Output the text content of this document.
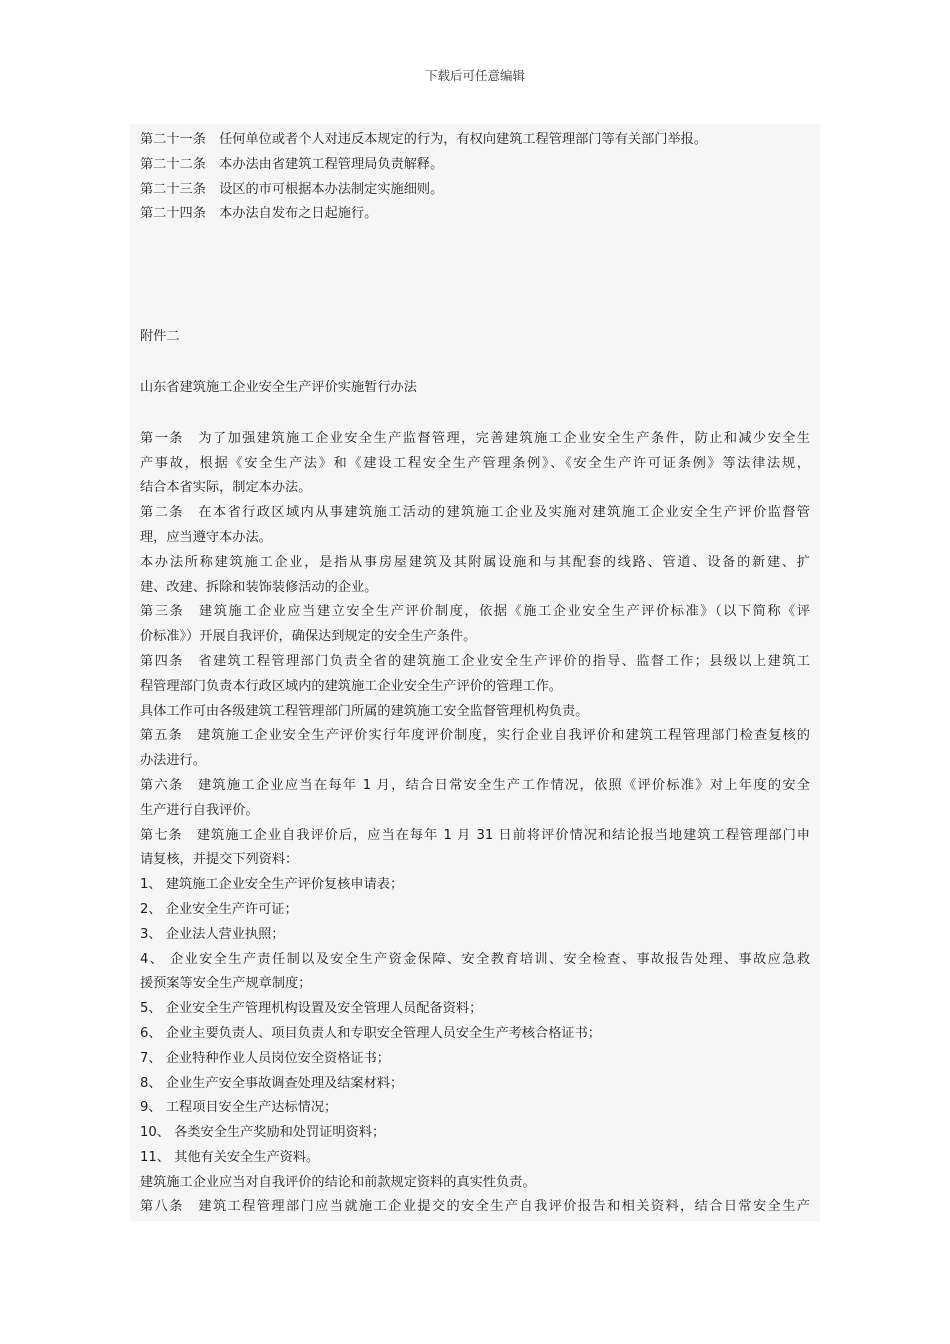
下载后可任意编辑
第二十一条　任何单位或者个人对违反本规定的行为，有权向建筑工程管理部门等有关部门举报。
第二十二条　本办法由省建筑工程管理局负责解释。
第二十三条　设区的市可根据本办法制定实施细则。
第二十四条　本办法自发布之日起施行。
附件二
山东省建筑施工企业安全生产评价实施暂行办法
第一条　为了加强建筑施工企业安全生产监督管理，完善建筑施工企业安全生产条件，防止和减少安全生
产事故，根据《安全生产法》和《建设工程安全生产管理条例》、《安全生产许可证条例》等法律法规，
结合本省实际，制定本办法。
第二条　在本省行政区域内从事建筑施工活动的建筑施工企业及实施对建筑施工企业安全生产评价监督管
理，应当遵守本办法。
本办法所称建筑施工企业，是指从事房屋建筑及其附属设施和与其配套的线路、管道、设备的新建、扩
建、改建、拆除和装饰装修活动的企业。
第三条　建筑施工企业应当建立安全生产评价制度，依据《施工企业安全生产评价标准》（以下简称《评
价标准》）开展自我评价，确保达到规定的安全生产条件。
第四条　省建筑工程管理部门负责全省的建筑施工企业安全生产评价的指导、监督工作；县级以上建筑工
程管理部门负责本行政区域内的建筑施工企业安全生产评价的管理工作。
具体工作可由各级建筑工程管理部门所属的建筑施工安全监督管理机构负责。
第五条　建筑施工企业安全生产评价实行年度评价制度，实行企业自我评价和建筑工程管理部门检查复核的
办法进行。
第六条　建筑施工企业应当在每年 1 月，结合日常安全生产工作情况，依照《评价标准》对上年度的安全
生产进行自我评价。
第七条　建筑施工企业自我评价后，应当在每年 1 月 31 日前将评价情况和结论报当地建筑工程管理部门申
请复核，并提交下列资料：
1、 建筑施工企业安全生产评价复核申请表；
2、 企业安全生产许可证；
3、 企业法人营业执照；
4、 企业安全生产责任制以及安全生产资金保障、安全教育培训、安全检查、事故报告处理、事故应急救
援预案等安全生产规章制度；
5、 企业安全生产管理机构设置及安全管理人员配备资料；
6、 企业主要负责人、项目负责人和专职安全管理人员安全生产考核合格证书；
7、 企业特种作业人员岗位安全资格证书；
8、 企业生产安全事故调查处理及结案材料；
9、 工程项目安全生产达标情况；
10、 各类安全生产奖励和处罚证明资料；
11、 其他有关安全生产资料。
建筑施工企业应当对自我评价的结论和前款规定资料的真实性负责。
第八条　建筑工程管理部门应当就施工企业提交的安全生产自我评价报告和相关资料，结合日常安全生产
